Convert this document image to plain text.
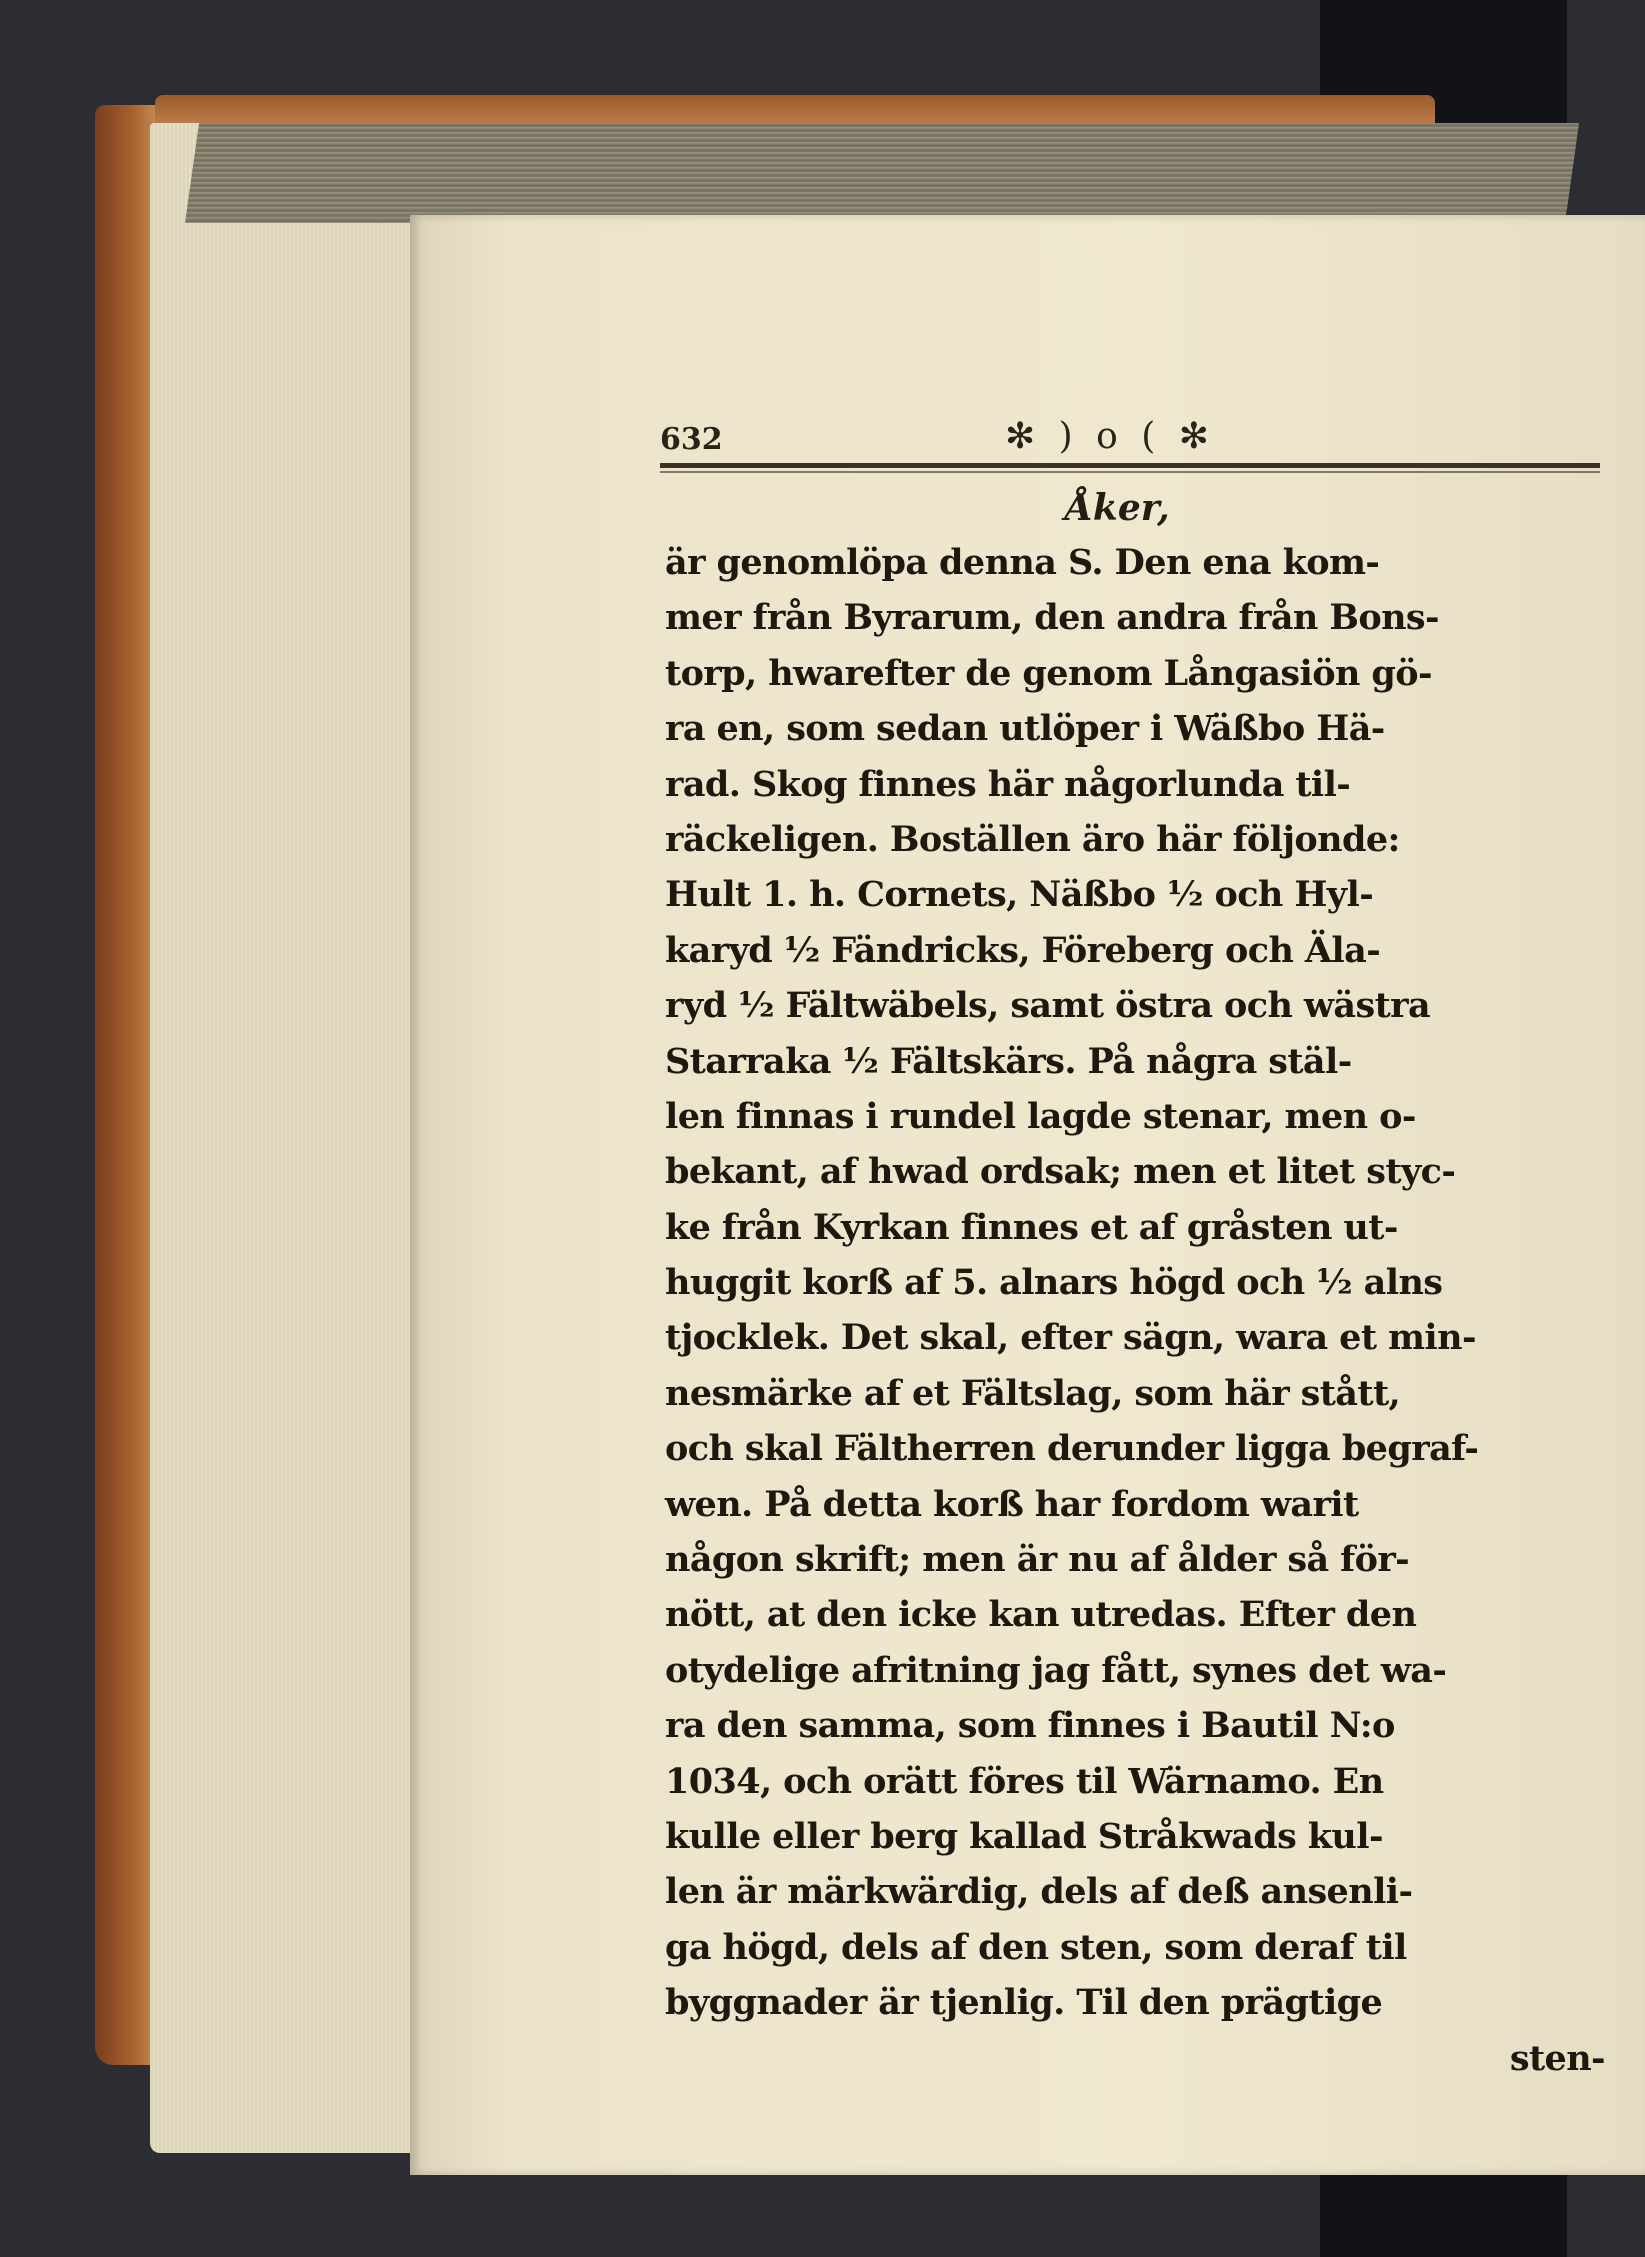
632	✻ ) o ( ✻
Åker,
är genomlöpa denna S. Den ena kom-
mer från Byrarum, den andra från Bons-
torp, hwarefter de genom Långasiön gö-
ra en, som sedan utlöper i Wäßbo Hä-
rad. Skog finnes här någorlunda til-
räckeligen. Boställen äro här följonde:
Hult 1. h. Cornets, Näßbo ½ och Hyl-
karyd ½ Fändricks, Föreberg och Äla-
ryd ½ Fältwäbels, samt östra och wästra
Starraka ½ Fältskärs. På några stäl-
len finnas i rundel lagde stenar, men o-
bekant, af hwad ordsak; men et litet styc-
ke från Kyrkan finnes et af gråsten ut-
huggit korß af 5. alnars högd och ½ alns
tjocklek. Det skal, efter sägn, wara et min-
nesmärke af et Fältslag, som här stått,
och skal Fältherren derunder ligga begraf-
wen. På detta korß har fordom warit
någon skrift; men är nu af ålder så för-
nött, at den icke kan utredas. Efter den
otydelige afritning jag fått, synes det wa-
ra den samma, som finnes i Bautil N:o
1034, och orätt föres til Wärnamo. En
kulle eller berg kallad Stråkwads kul-
len är märkwärdig, dels af deß ansenli-
ga högd, dels af den sten, som deraf til
byggnader är tjenlig. Til den prägtige
sten-
